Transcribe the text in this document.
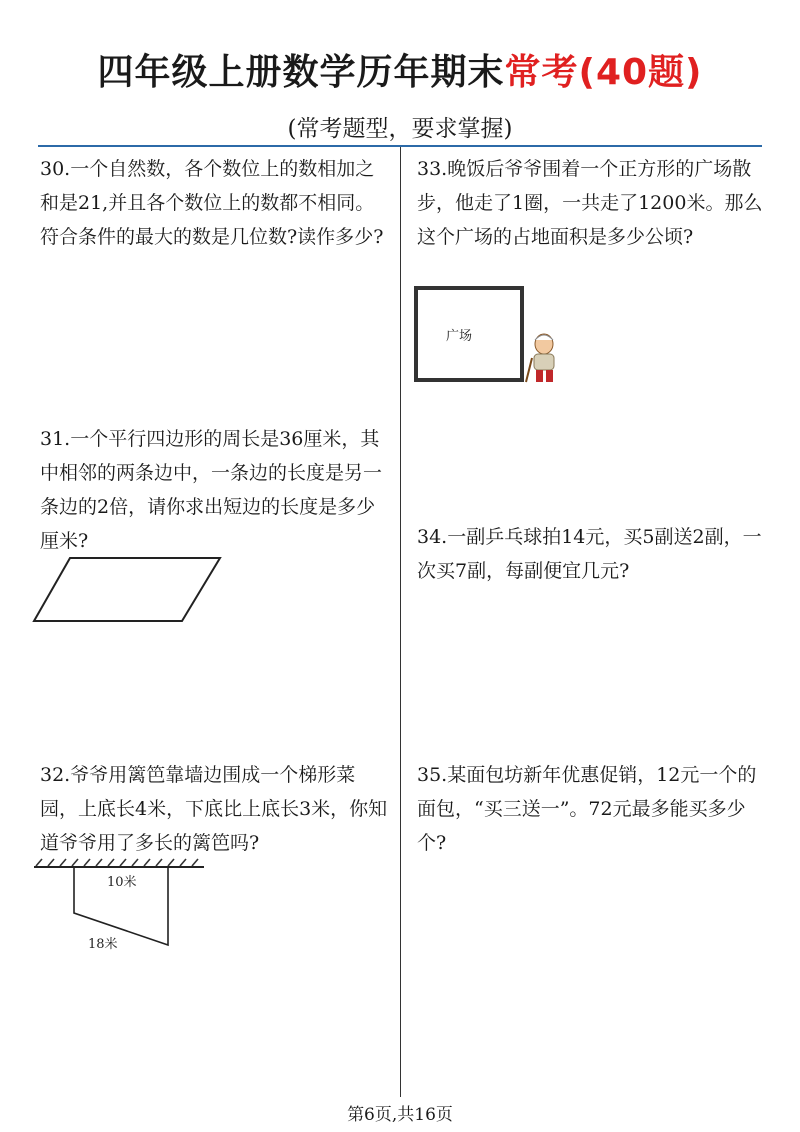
四年级上册数学历年期末常考(40题)
(常考题型，要求掌握)
30.一个自然数，各个数位上的数相加之和是21,并且各个数位上的数都不相同。符合条件的最大的数是几位数?读作多少?
31.一个平行四边形的周长是36厘米，其中相邻的两条边中，一条边的长度是另一条边的2倍，请你求出短边的长度是多少厘米?
32.爷爷用篱笆靠墙边围成一个梯形菜园，上底长4米，下底比上底长3米，你知道爷爷用了多长的篱笆吗?
10米
18米
33.晚饭后爷爷围着一个正方形的广场散步，他走了1圈，一共走了1200米。那么这个广场的占地面积是多少公顷?
广场
34.一副乒乓球拍14元，买5副送2副，一次买7副，每副便宜几元?
35.某面包坊新年优惠促销，12元一个的面包，“买三送一”。72元最多能买多少个?
第6页,共16页
